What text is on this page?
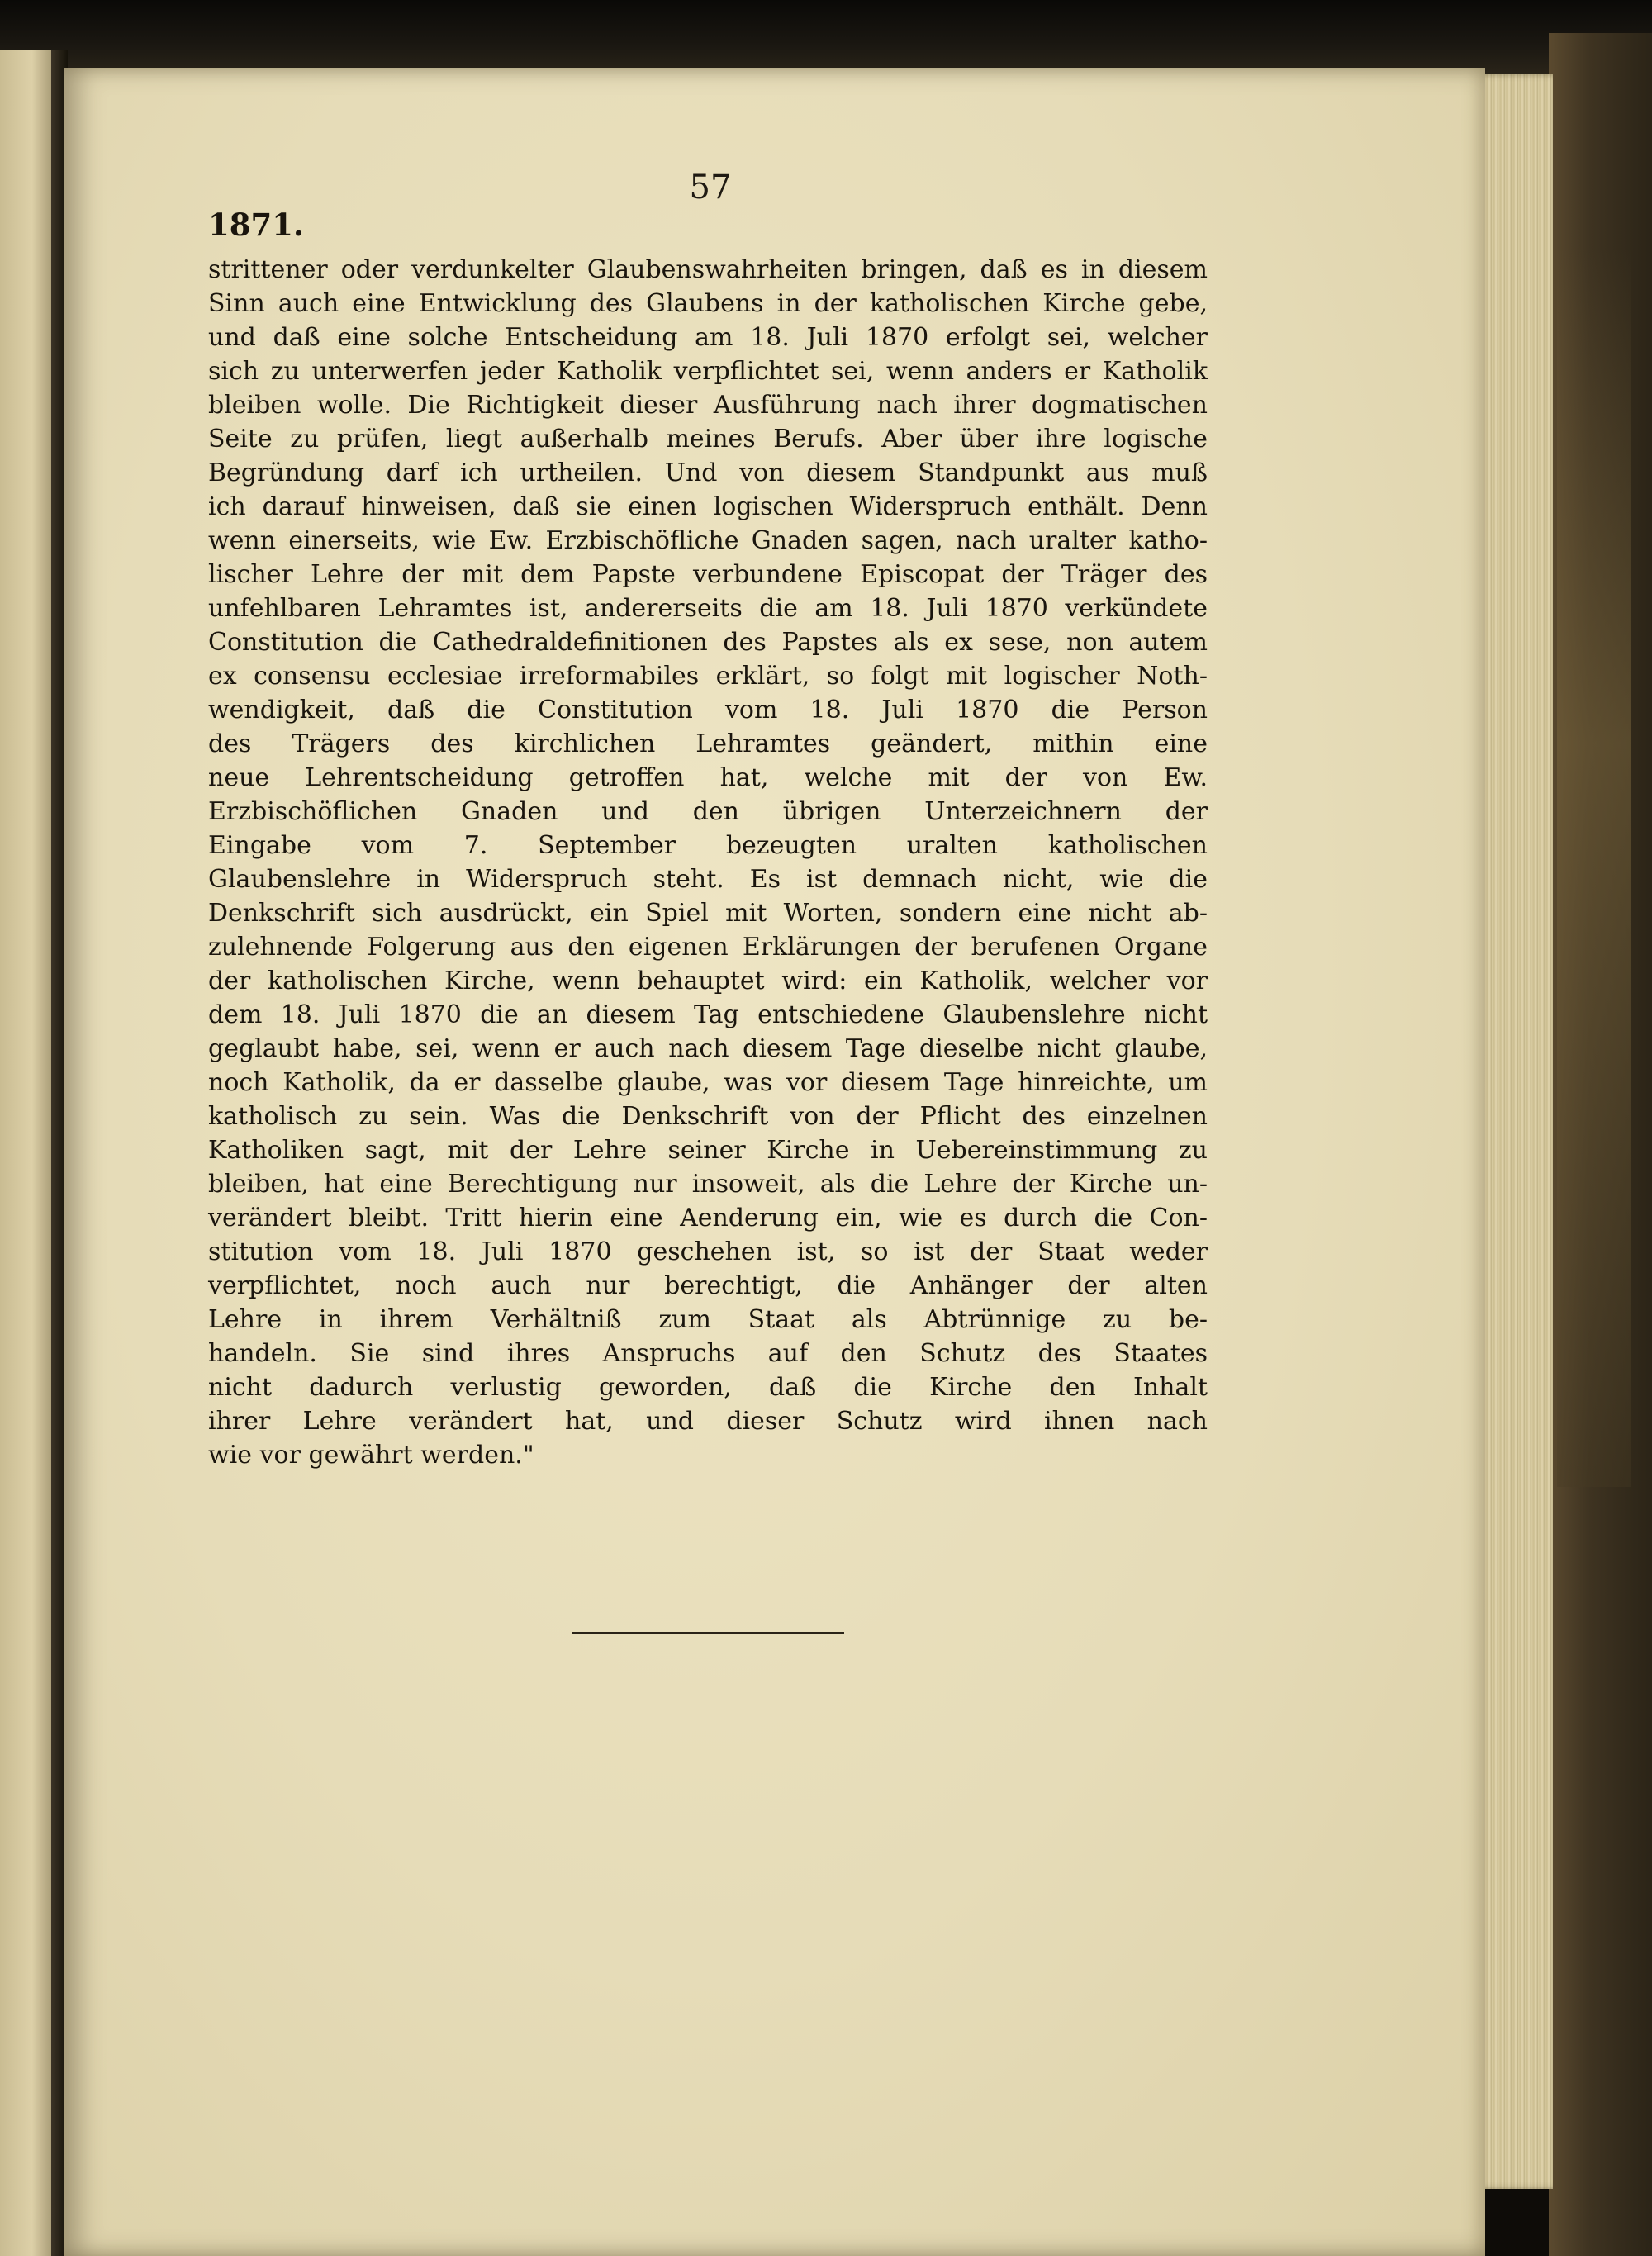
57
1871.
strittener oder verdunkelter Glaubenswahrheiten bringen, daß es in diesem
Sinn auch eine Entwicklung des Glaubens in der katholischen Kirche gebe,
und daß eine solche Entscheidung am 18. Juli 1870 erfolgt sei, welcher
sich zu unterwerfen jeder Katholik verpflichtet sei, wenn anders er Katholik
bleiben wolle. Die Richtigkeit dieser Ausführung nach ihrer dogmatischen
Seite zu prüfen, liegt außerhalb meines Berufs. Aber über ihre logische
Begründung darf ich urtheilen. Und von diesem Standpunkt aus muß
ich darauf hinweisen, daß sie einen logischen Widerspruch enthält. Denn
wenn einerseits, wie Ew. Erzbischöfliche Gnaden sagen, nach uralter katho-
lischer Lehre der mit dem Papste verbundene Episcopat der Träger des
unfehlbaren Lehramtes ist, andererseits die am 18. Juli 1870 verkündete
Constitution die Cathedraldefinitionen des Papstes als ex sese, non autem
ex consensu ecclesiae irreformabiles erklärt, so folgt mit logischer Noth-
wendigkeit, daß die Constitution vom 18. Juli 1870 die Person
des Trägers des kirchlichen Lehramtes geändert, mithin eine
neue Lehrentscheidung getroffen hat, welche mit der von Ew.
Erzbischöflichen Gnaden und den übrigen Unterzeichnern der
Eingabe vom 7. September bezeugten uralten katholischen
Glaubenslehre in Widerspruch steht. Es ist demnach nicht, wie die
Denkschrift sich ausdrückt, ein Spiel mit Worten, sondern eine nicht ab-
zulehnende Folgerung aus den eigenen Erklärungen der berufenen Organe
der katholischen Kirche, wenn behauptet wird: ein Katholik, welcher vor
dem 18. Juli 1870 die an diesem Tag entschiedene Glaubenslehre nicht
geglaubt habe, sei, wenn er auch nach diesem Tage dieselbe nicht glaube,
noch Katholik, da er dasselbe glaube, was vor diesem Tage hinreichte, um
katholisch zu sein. Was die Denkschrift von der Pflicht des einzelnen
Katholiken sagt, mit der Lehre seiner Kirche in Uebereinstimmung zu
bleiben, hat eine Berechtigung nur insoweit, als die Lehre der Kirche un-
verändert bleibt. Tritt hierin eine Aenderung ein, wie es durch die Con-
stitution vom 18. Juli 1870 geschehen ist, so ist der Staat weder
verpflichtet, noch auch nur berechtigt, die Anhänger der alten
Lehre in ihrem Verhältniß zum Staat als Abtrünnige zu be-
handeln. Sie sind ihres Anspruchs auf den Schutz des Staates
nicht dadurch verlustig geworden, daß die Kirche den Inhalt
ihrer Lehre verändert hat, und dieser Schutz wird ihnen nach
wie vor gewährt werden."
